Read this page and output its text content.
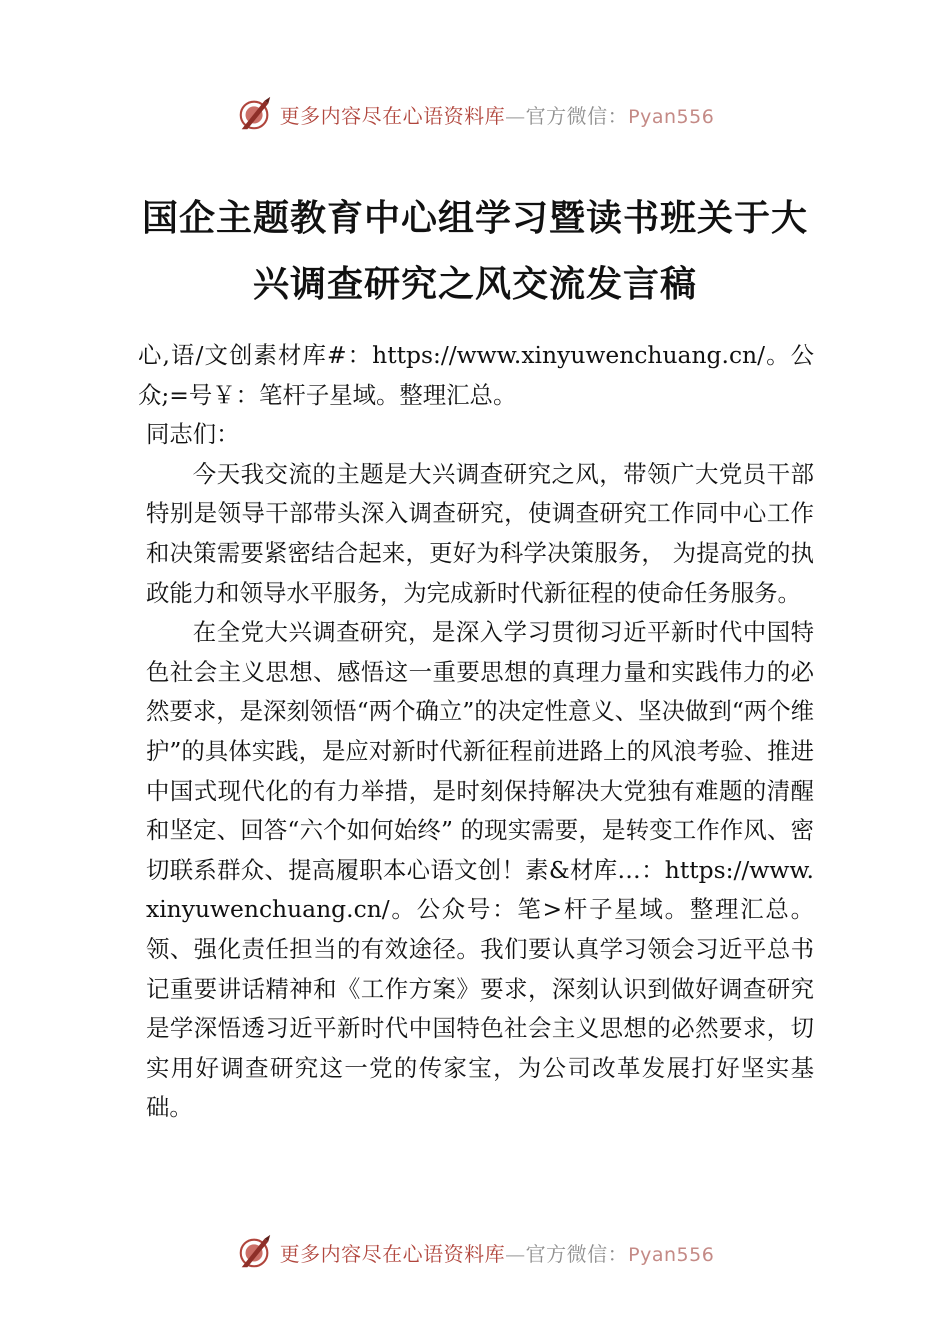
更多内容尽在心语资料库—官方微信：Pyan556
国企主题教育中心组学习暨读书班关于大
兴调查研究之风交流发言稿

心,语/文创素材库#：https://www.xinyuwenchuang.cn/。公众;=号￥：笔杆子星域。整理汇总。

同志们：

今天我交流的主题是大兴调查研究之风，带领广大党员干部特别是领导干部带头深入调查研究，使调查研究工作同中心工作和决策需要紧密结合起来，更好为科学决策服务， 为提高党的执政能力和领导水平服务，为完成新时代新征程的使命任务服务。

在全党大兴调查研究，是深入学习贯彻习近平新时代中国特色社会主义思想、感悟这一重要思想的真理力量和实践伟力的必然要求，是深刻领悟“两个确立”的决定性意义、坚决做到“两个维护”的具体实践，是应对新时代新征程前进路上的风浪考验、推进中国式现代化的有力举措，是时刻保持解决大党独有难题的清醒和坚定、回答“六个如何始终” 的现实需要，是转变工作作风、密切联系群众、提高履职本心语文创！素&材库…：https://www.xinyuwenchuang.cn/。公众号：笔>杆子星域。整理汇总。领、强化责任担当的有效途径。我们要认真学习领会习近平总书记重要讲话精神和《工作方案》要求，深刻认识到做好调查研究是学深悟透习近平新时代中国特色社会主义思想的必然要求，切实用好调查研究这一党的传家宝，为公司改革发展打好坚实基础。

更多内容尽在心语资料库—官方微信：Pyan556
